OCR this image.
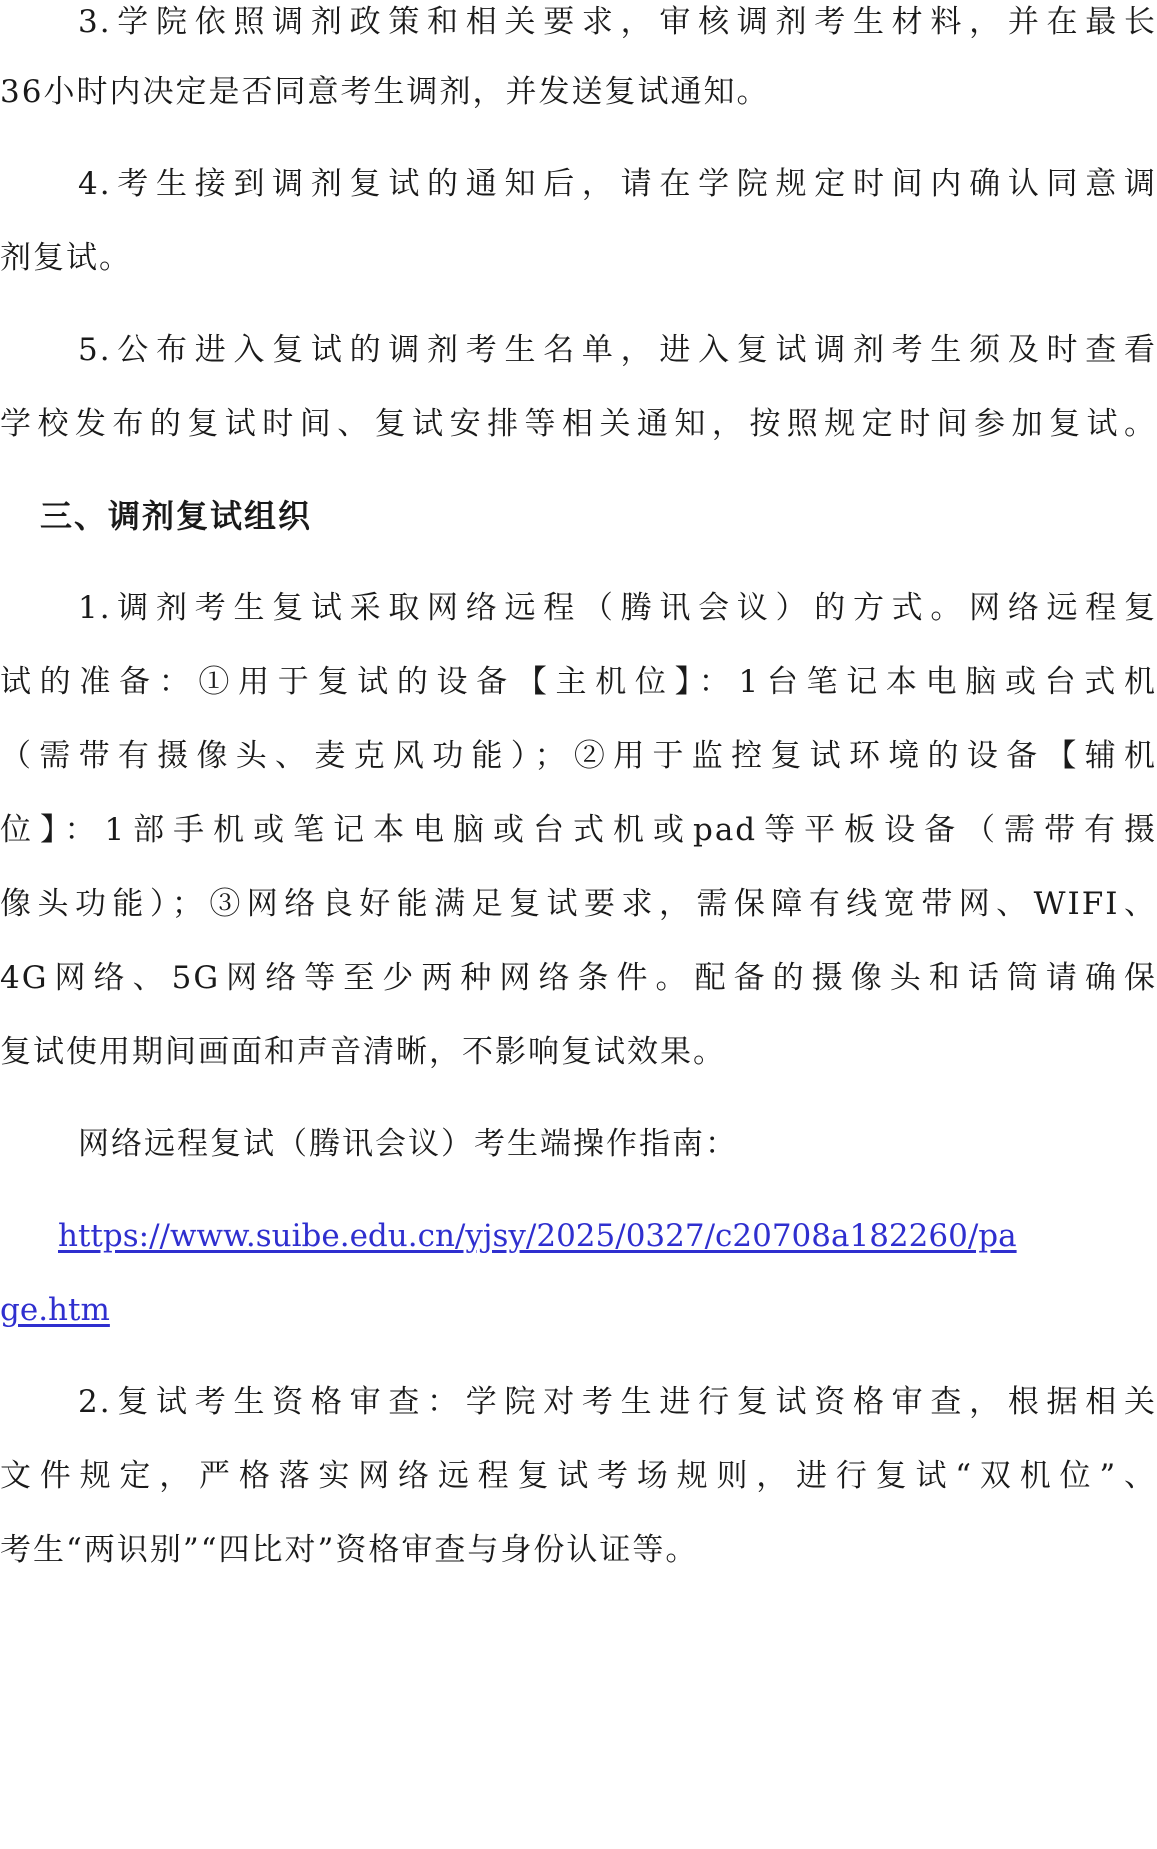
3.学院依照调剂政策和相关要求，审核调剂考生材料，并在最长
36小时内决定是否同意考生调剂，并发送复试通知。
4.考生接到调剂复试的通知后，请在学院规定时间内确认同意调
剂复试。
5.公布进入复试的调剂考生名单，进入复试调剂考生须及时查看
学校发布的复试时间、复试安排等相关通知，按照规定时间参加复试。
三、调剂复试组织
1.调剂考生复试采取网络远程（腾讯会议）的方式。网络远程复
试的准备：①用于复试的设备【主机位】：1台笔记本电脑或台式机
（需带有摄像头、麦克风功能）；②用于监控复试环境的设备【辅机
位】：1部手机或笔记本电脑或台式机或pad等平板设备（需带有摄
像头功能）；③网络良好能满足复试要求，需保障有线宽带网、WIFI、
4G网络、5G网络等至少两种网络条件。配备的摄像头和话筒请确保
复试使用期间画面和声音清晰，不影响复试效果。
网络远程复试（腾讯会议）考生端操作指南：
https://www.suibe.edu.cn/yjsy/2025/0327/c20708a182260/pa
ge.htm
2.复试考生资格审查：学院对考生进行复试资格审查，根据相关
文件规定，严格落实网络远程复试考场规则，进行复试“双机位”、
考生“两识别”“四比对”资格审查与身份认证等。
